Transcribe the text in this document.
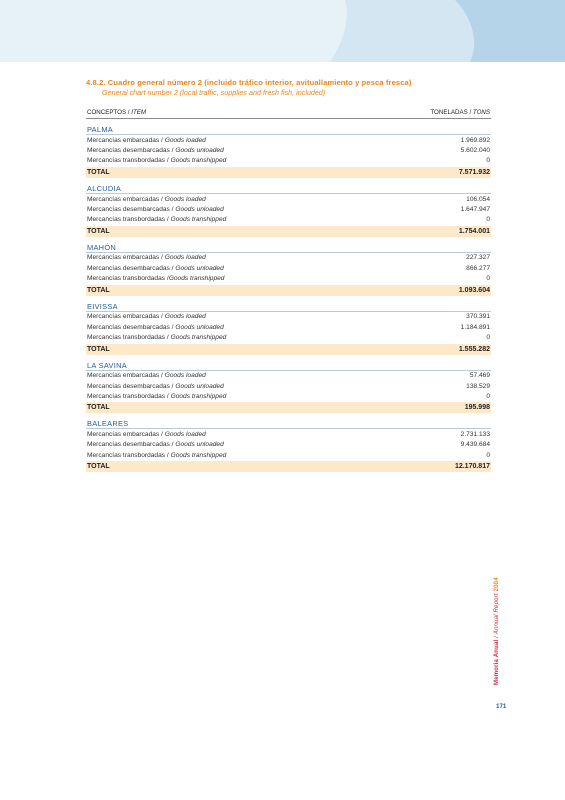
4.8.2. Cuadro general número 2 (incluido tráfico interior, avituallamiento y pesca fresca)
General chart number 2 (local traffic, supplies and fresh fish, included)
CONCEPTOS / ITEM	TONELADAS / TONS
PALMA
Mercancías embarcadas / Goods loaded	1.969.892
Mercancías desembarcadas / Goods unloaded	5.602.040
Mercancías transbordadas / Goods transhipped	0
TOTAL	7.571.932
ALCUDIA
Mercancías embarcadas / Goods loaded	106.054
Mercancías desembarcadas / Goods unloaded	1.647.947
Mercancías transbordadas / Goods transhipped	0
TOTAL	1.754.001
MAHÓN
Mercancías embarcadas / Goods loaded	227.327
Mercancías desembarcadas / Goods unloaded	866.277
Mercancías transbordadas /Goods transhipped	0
TOTAL	1.093.604
EIVISSA
Mercancías embarcadas / Goods loaded	370.391
Mercancías desembarcadas / Goods unloaded	1.184.891
Mercancías transbordadas / Goods transhipped	0
TOTAL	1.555.282
LA SAVINA
Mercancías embarcadas / Goods loaded	57.469
Mercancías desembarcadas / Goods unloaded	138.529
Mercancías transbordadas / Goods transhipped	0
TOTAL	195.998
BALEARES
Mercancías embarcadas / Goods loaded	2.731.133
Mercancías desembarcadas / Goods unloaded	9.439.684
Mercancías transbordadas / Goods transhipped	0
TOTAL	12.170.817
Memoria Anual / Annual Report 2004
171
